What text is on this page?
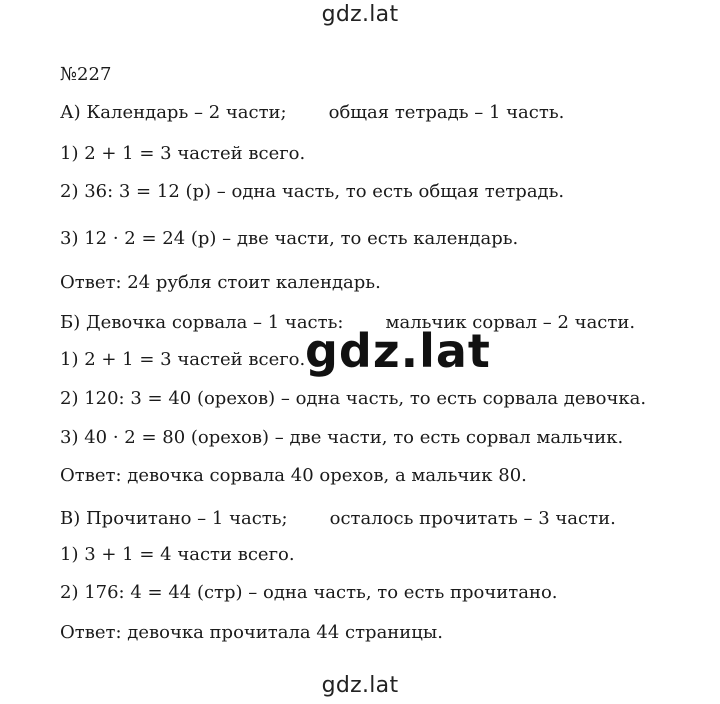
gdz.lat
№227
А) Календарь – 2 части; общая тетрадь – 1 часть.
1) 2 + 1 = 3 частей всего.
2) 36: 3 = 12 (р) – одна часть, то есть общая тетрадь.
3) 12 · 2 = 24 (р) – две части, то есть календарь.
Ответ: 24 рубля стоит календарь.
Б) Девочка сорвала – 1 часть: мальчик сорвал – 2 части.
1) 2 + 1 = 3 частей всего.
2) 120: 3 = 40 (орехов) – одна часть, то есть сорвала девочка.
3) 40 · 2 = 80 (орехов) – две части, то есть сорвал мальчик.
Ответ: девочка сорвала 40 орехов, а мальчик 80.
В) Прочитано – 1 часть; осталось прочитать – 3 части.
1) 3 + 1 = 4 части всего.
2) 176: 4 = 44 (стр) – одна часть, то есть прочитано.
Ответ: девочка прочитала 44 страницы.
gdz.lat
gdz.lat
